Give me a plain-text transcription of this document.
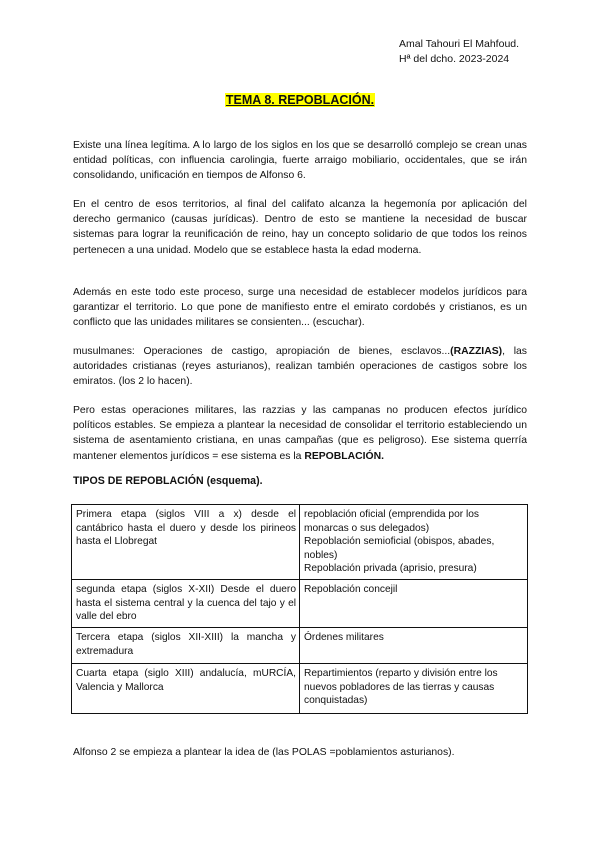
Amal Tahouri El Mahfoud.
Hª del dcho. 2023-2024
TEMA 8. REPOBLACIÓN.

Existe una línea legítima. A lo largo de los siglos en los que se desarrolló complejo se crean unas entidad políticas, con influencia carolingia, fuerte arraigo mobiliario, occidentales, que se irán consolidando, unificación en tiempos de Alfonso 6.

En el centro de esos territorios, al final del califato alcanza la hegemonía por aplicación del derecho germanico (causas jurídicas). Dentro de esto se mantiene la necesidad de buscar sistemas para lograr la reunificación de reino, hay un concepto solidario de que todos los reinos pertenecen a una unidad. Modelo que se establece hasta la edad moderna.

Además en este todo este proceso, surge una necesidad de establecer modelos jurídicos para garantizar el territorio. Lo que pone de manifiesto entre el emirato cordobés y cristianos, es un conflicto que las unidades militares se consienten... (escuchar).

musulmanes: Operaciones de castigo, apropiación de bienes, esclavos...(RAZZIAS), las autoridades cristianas (reyes asturianos), realizan también operaciones de castigos sobre los emiratos. (los 2 lo hacen).

Pero estas operaciones militares, las razzias y las campanas no producen efectos jurídico políticos estables. Se empieza a plantear la necesidad de consolidar el territorio estableciendo un sistema de asentamiento cristiana, en unas campañas (que es peligroso). Ese sistema querría mantener elementos jurídicos = ese sistema es la REPOBLACIÓN.

TIPOS DE REPOBLACIÓN (esquema).
Primera etapa (siglos VIII a x) desde el cantábrico hasta el duero y desde los pirineos hasta el Llobregat	repoblación oficial (emprendida por los monarcas o sus delegados)
Repoblación semioficial (obispos, abades, nobles)
Repoblación privada (aprisio, presura)

segunda etapa (siglos X-XII) Desde el duero hasta el sistema central y la cuenca del tajo y el valle del ebro	Repoblación concejil

Tercera etapa (siglos XII-XIII) la mancha y extremadura	Órdenes militares

Cuarta etapa (siglo XIII) andalucía, mURCÍA, Valencia y Mallorca	Repartimientos (reparto y división entre los nuevos pobladores de las tierras y causas conquistadas)
Alfonso 2 se empieza a plantear la idea de (las POLAS =poblamientos asturianos).
